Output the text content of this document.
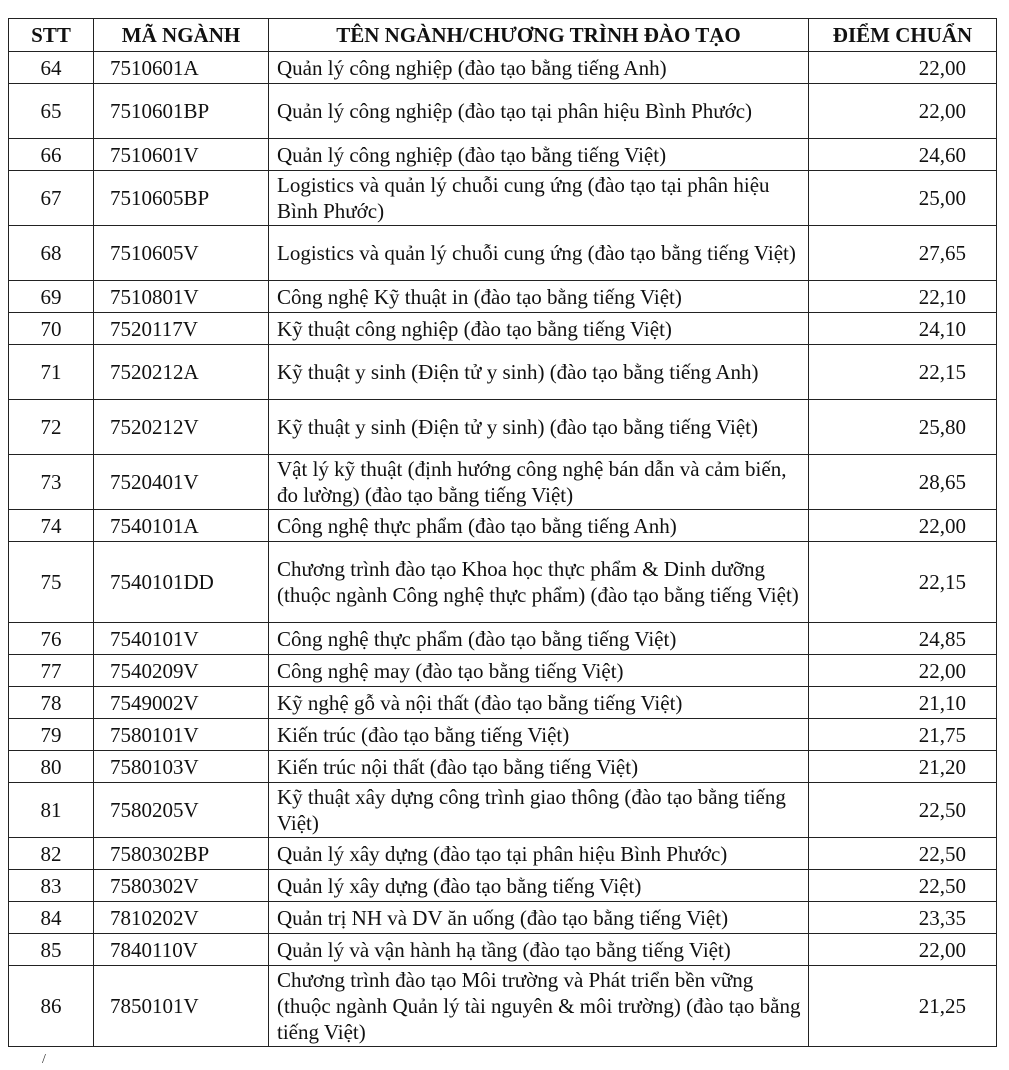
STT	MÃ NGÀNH	TÊN NGÀNH/CHƯƠNG TRÌNH ĐÀO TẠO	ĐIỂM CHUẨN
64	7510601A	Quản lý công nghiệp (đào tạo bằng tiếng Anh)	22,00
65	7510601BP	Quản lý công nghiệp (đào tạo tại phân hiệu Bình Phước)	22,00
66	7510601V	Quản lý công nghiệp (đào tạo bằng tiếng Việt)	24,60
67	7510605BP	Logistics và quản lý chuỗi cung ứng (đào tạo tại phân hiệu Bình Phước)	25,00
68	7510605V	Logistics và quản lý chuỗi cung ứng (đào tạo bằng tiếng Việt)	27,65
69	7510801V	Công nghệ Kỹ thuật in (đào tạo bằng tiếng Việt)	22,10
70	7520117V	Kỹ thuật công nghiệp (đào tạo bằng tiếng Việt)	24,10
71	7520212A	Kỹ thuật y sinh (Điện tử y sinh) (đào tạo bằng tiếng Anh)	22,15
72	7520212V	Kỹ thuật y sinh (Điện tử y sinh) (đào tạo bằng tiếng Việt)	25,80
73	7520401V	Vật lý kỹ thuật (định hướng công nghệ bán dẫn và cảm biến, đo lường) (đào tạo bằng tiếng Việt)	28,65
74	7540101A	Công nghệ thực phẩm (đào tạo bằng tiếng Anh)	22,00
75	7540101DD	Chương trình đào tạo Khoa học thực phẩm & Dinh dưỡng (thuộc ngành Công nghệ thực phẩm) (đào tạo bằng tiếng Việt)	22,15
76	7540101V	Công nghệ thực phẩm (đào tạo bằng tiếng Việt)	24,85
77	7540209V	Công nghệ may (đào tạo bằng tiếng Việt)	22,00
78	7549002V	Kỹ nghệ gỗ và nội thất (đào tạo bằng tiếng Việt)	21,10
79	7580101V	Kiến trúc (đào tạo bằng tiếng Việt)	21,75
80	7580103V	Kiến trúc nội thất (đào tạo bằng tiếng Việt)	21,20
81	7580205V	Kỹ thuật xây dựng công trình giao thông (đào tạo bằng tiếng Việt)	22,50
82	7580302BP	Quản lý xây dựng (đào tạo tại phân hiệu Bình Phước)	22,50
83	7580302V	Quản lý xây dựng (đào tạo bằng tiếng Việt)	22,50
84	7810202V	Quản trị NH và DV ăn uống (đào tạo bằng tiếng Việt)	23,35
85	7840110V	Quản lý và vận hành hạ tầng (đào tạo bằng tiếng Việt)	22,00
86	7850101V	Chương trình đào tạo Môi trường và Phát triển bền vững (thuộc ngành Quản lý tài nguyên & môi trường) (đào tạo bằng tiếng Việt)	21,25
/
